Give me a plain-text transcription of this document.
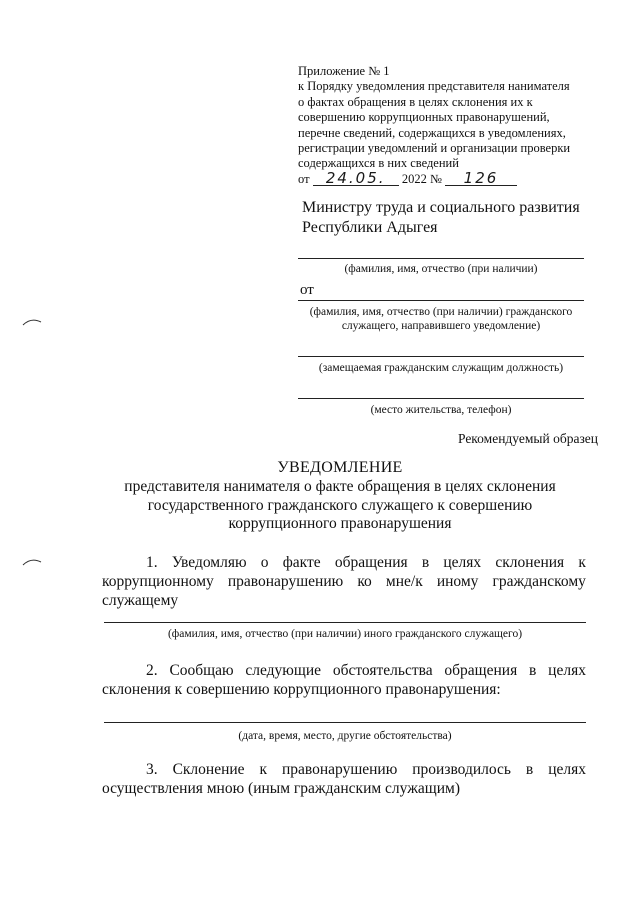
Приложение № 1
к Порядку уведомления представителя нанимателя
о фактах обращения в целях склонения их к
совершению коррупционных правонарушений,
перечне сведений, содержащихся в уведомлениях,
регистрации уведомлений и организации проверки
содержащихся в них сведений
от 24.05. 2022 № 126
Министру труда и социального развития
Республики Адыгея
(фамилия, имя, отчество (при наличии)
от
(фамилия, имя, отчество (при наличии) гражданского
служащего, направившего уведомление)
(замещаемая гражданским служащим должность)
(место жительства, телефон)
Рекомендуемый образец
УВЕДОМЛЕНИЕ
представителя нанимателя о факте обращения в целях склонения
государственного гражданского служащего к совершению
коррупционного правонарушения
1. Уведомляю о факте обращения в целях склонения к
коррупционному правонарушению ко мне/к иному гражданскому
служащему
(фамилия, имя, отчество (при наличии) иного гражданского служащего)
2. Сообщаю следующие обстоятельства обращения в целях
склонения к совершению коррупционного правонарушения:
(дата, время, место, другие обстоятельства)
3. Склонение к правонарушению производилось в целях
осуществления мною (иным гражданским служащим)
